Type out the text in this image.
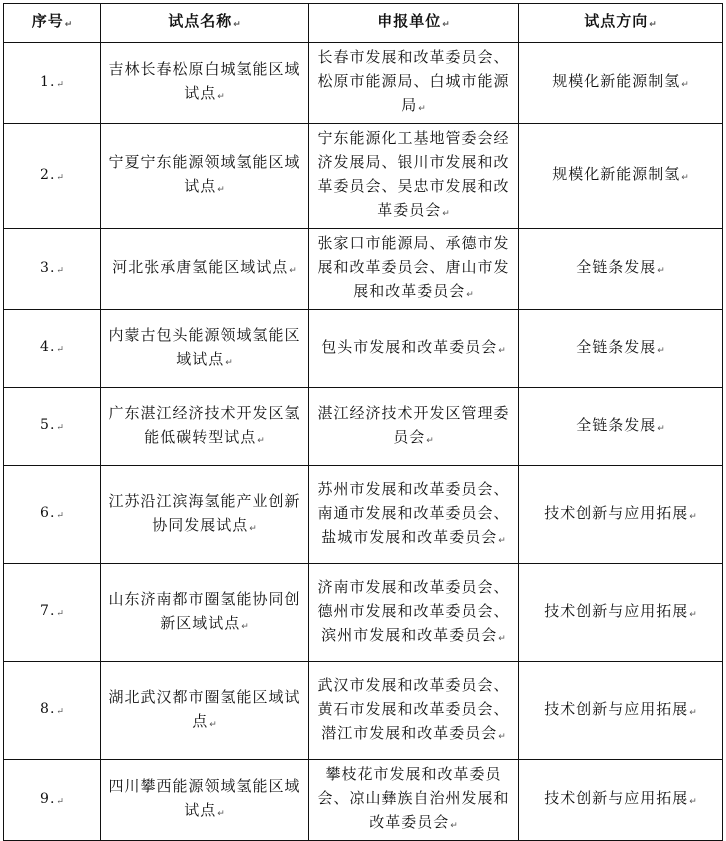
序号↵	试点名称↵	申报单位↵	试点方向↵
1.↵	吉林长春松原白城氢能区域试点↵	长春市发展和改革委员会、松原市能源局、白城市能源局↵	规模化新能源制氢↵
2.↵	宁夏宁东能源领域氢能区域试点↵	宁东能源化工基地管委会经济发展局、银川市发展和改革委员会、吴忠市发展和改革委员会↵	规模化新能源制氢↵
3.↵	河北张承唐氢能区域试点↵	张家口市能源局、承德市发展和改革委员会、唐山市发展和改革委员会↵	全链条发展↵
4.↵	内蒙古包头能源领域氢能区域试点↵	包头市发展和改革委员会↵	全链条发展↵
5.↵	广东湛江经济技术开发区氢能低碳转型试点↵	湛江经济技术开发区管理委员会↵	全链条发展↵
6.↵	江苏沿江滨海氢能产业创新协同发展试点↵	苏州市发展和改革委员会、南通市发展和改革委员会、盐城市发展和改革委员会↵	技术创新与应用拓展↵
7.↵	山东济南都市圈氢能协同创新区域试点↵	济南市发展和改革委员会、德州市发展和改革委员会、滨州市发展和改革委员会↵	技术创新与应用拓展↵
8.↵	湖北武汉都市圈氢能区域试点↵	武汉市发展和改革委员会、黄石市发展和改革委员会、潜江市发展和改革委员会↵	技术创新与应用拓展↵
9.↵	四川攀西能源领域氢能区域试点↵	攀枝花市发展和改革委员会、凉山彝族自治州发展和改革委员会↵	技术创新与应用拓展↵
